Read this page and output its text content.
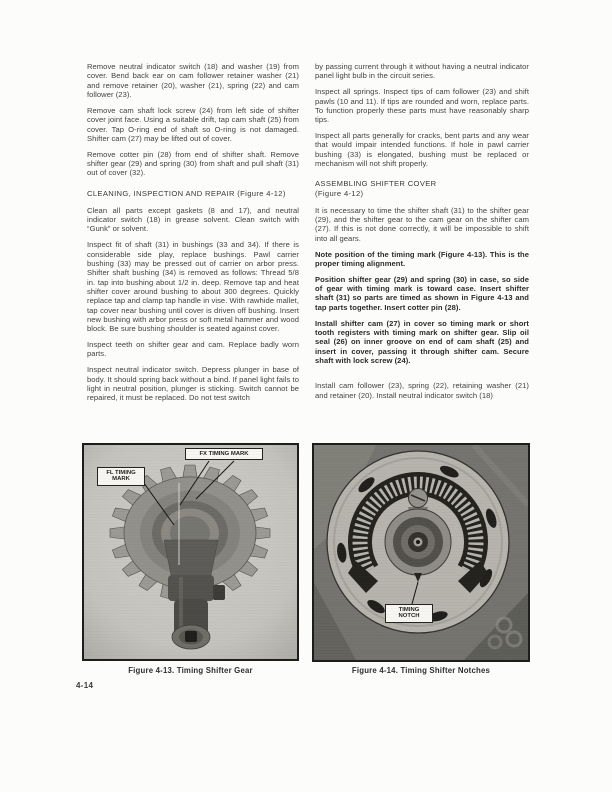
Remove neutral indicator switch (18) and washer (19) from cover. Bend back ear on cam follower retainer washer (21) and remove retainer (20), washer (21), spring (22) and cam follower (23).

Remove cam shaft lock screw (24) from left side of shifter cover joint face. Using a suitable drift, tap cam shaft (25) from cover. Tap O-ring end of shaft so O-ring is not damaged. Shifter cam (27) may be lifted out of cover.

Remove cotter pin (28) from end of shifter shaft. Remove shifter gear (29) and spring (30) from shaft and pull shaft (31) out of cover (32).

CLEANING, INSPECTION AND REPAIR (Figure 4-12)

Clean all parts except gaskets (8 and 17), and neutral indicator switch (18) in grease solvent. Clean switch with “Gunk” or solvent.

Inspect fit of shaft (31) in bushings (33 and 34). If there is considerable side play, replace bushings. Pawl carrier bushing (33) may be pressed out of carrier on arbor press. Shifter shaft bushing (34) is removed as follows: Thread 5/8 in. tap into bushing about 1/2 in. deep. Remove tap and heat shifter cover around bushing to about 300 degrees. Quickly replace tap and clamp tap handle in vise. With rawhide mallet, tap cover near bushing until cover is driven off bushing. Insert new bushing with arbor press or soft metal hammer and wood block. Be sure bushing shoulder is seated against cover.

Inspect teeth on shifter gear and cam. Replace badly worn parts.

Inspect neutral indicator switch. Depress plunger in base of body. It should spring back without a bind. If panel light fails to light in neutral position, plunger is sticking. Switch cannot be repaired, it must be replaced. Do not test switch

by passing current through it without having a neutral indicator panel light bulb in the circuit series.

Inspect all springs. Inspect tips of cam follower (23) and shift pawls (10 and 11). If tips are rounded and worn, replace parts. To function properly these parts must have reasonably sharp tips.

Inspect all parts generally for cracks, bent parts and any wear that would impair intended functions. If hole in pawl carrier bushing (33) is elongated, bushing must be replaced or mechanism will not shift properly.

ASSEMBLING SHIFTER COVER
(Figure 4-12)

It is necessary to time the shifter shaft (31) to the shifter gear (29), and the shifter gear to the cam gear on the shifter cam (27). If this is not done correctly, it will be impossible to shift into all gears.

Note position of the timing mark (Figure 4-13). This is the proper timing alignment.

Position shifter gear (29) and spring (30) in case, so side of gear with timing mark is toward case. Insert shifter shaft (31) so parts are timed as shown in Figure 4-13 and tap parts together. Insert cotter pin (28).

Install shifter cam (27) in cover so timing mark or short tooth registers with timing mark on shifter gear. Slip oil seal (26) on inner groove on end of cam shaft (25) and insert in cover, passing it through shifter cam. Secure shaft with lock screw (24).

Install cam follower (23), spring (22), retaining washer (21) and retainer (20). Install neutral indicator switch (18)

FL TIMING MARK
FX TIMING MARK
Figure 4-13. Timing Shifter Gear
TIMING NOTCH
Figure 4-14. Timing Shifter Notches
4-14
